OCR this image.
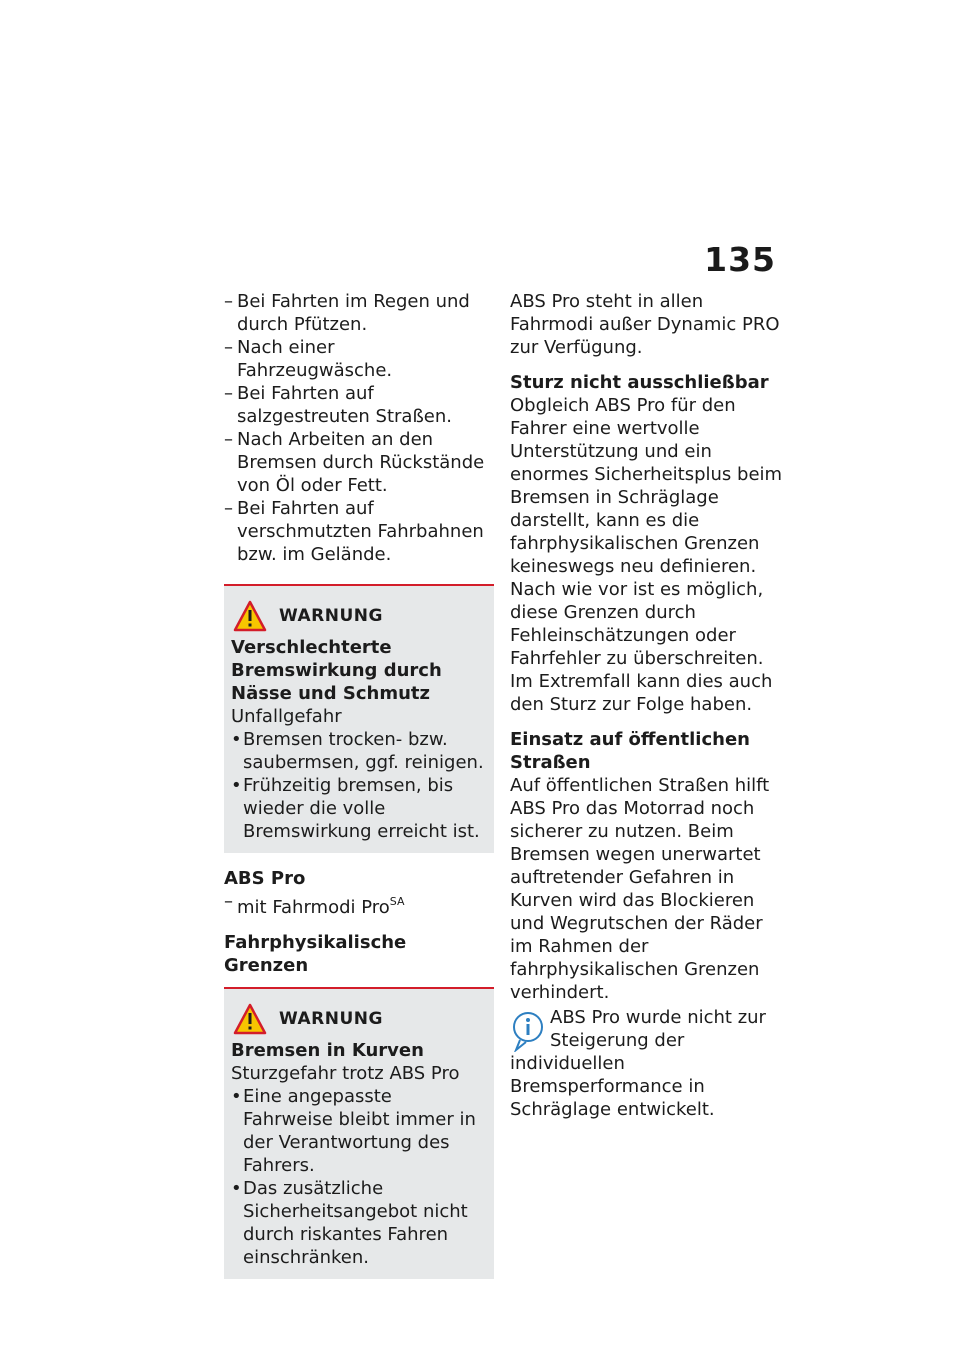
135
– Bei Fahrten im Regen und durch Pfützen.
– Nach einer Fahrzeugwäsche.
– Bei Fahrten auf salzgestreuten Straßen.
– Nach Arbeiten an den Bremsen durch Rückstände von Öl oder Fett.
– Bei Fahrten auf verschmutzten Fahrbahnen bzw. im Gelände.
WARNUNG
Verschlechterte Bremswirkung durch Nässe und Schmutz
Unfallgefahr
• Bremsen trocken- bzw. saubermsen, ggf. reinigen.
• Frühzeitig bremsen, bis wieder die volle Bremswirkung erreicht ist.
ABS Pro
– mit Fahrmodi Pro$^{SA}$
Fahrphysikalische Grenzen
WARNUNG
Bremsen in Kurven
Sturzgefahr trotz ABS Pro
• Eine angepasste Fahrweise bleibt immer in der Verantwortung des Fahrers.
• Das zusätzliche Sicherheitsangebot nicht durch riskantes Fahren einschränken.
ABS Pro steht in allen Fahrmodi außer Dynamic PRO zur Verfügung.
Sturz nicht ausschließbar
Obgleich ABS Pro für den Fahrer eine wertvolle Unterstützung und ein enormes Sicherheitsplus beim Bremsen in Schräglage darstellt, kann es die fahrphysikalischen Grenzen keineswegs neu definieren. Nach wie vor ist es möglich, diese Grenzen durch Fehleinschätzungen oder Fahrfehler zu überschreiten. Im Extremfall kann dies auch den Sturz zur Folge haben.
Einsatz auf öffentlichen Straßen
Auf öffentlichen Straßen hilft ABS Pro das Motorrad noch sicherer zu nutzen. Beim Bremsen wegen unerwartet auftretender Gefahren in Kurven wird das Blockieren und Wegrutschen der Räder im Rahmen der fahrphysikalischen Grenzen verhindert.
ABS Pro wurde nicht zur Steigerung der individuellen Bremsperformance in Schräglage entwickelt.
